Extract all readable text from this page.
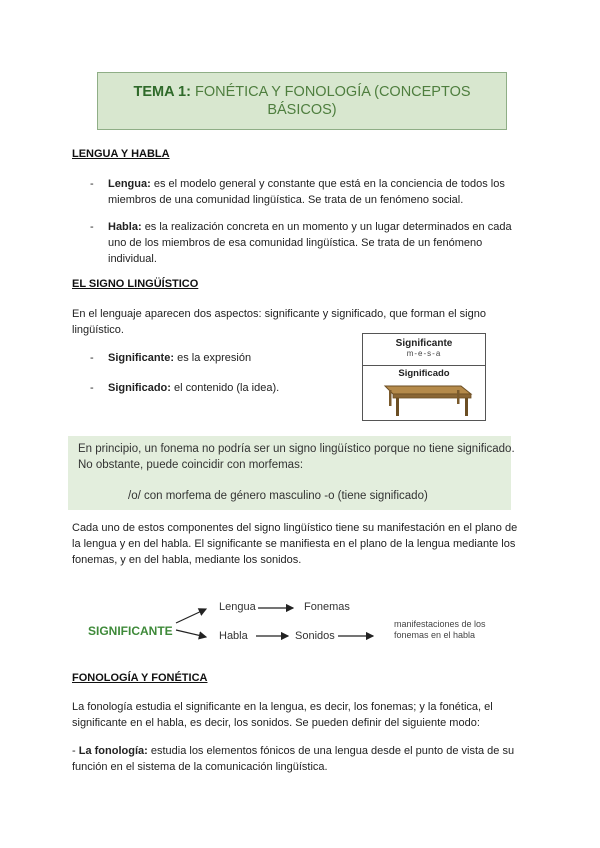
TEMA 1: FONÉTICA Y FONOLOGÍA (CONCEPTOS
BÁSICOS)
LENGUA Y HABLA
- Lengua: es el modelo general y constante que está en la conciencia de todos los
miembros de una comunidad lingüística. Se trata de un fenómeno social.
- Habla: es la realización concreta en un momento y un lugar determinados en cada
uno de los miembros de esa comunidad lingüística. Se trata de un fenómeno
individual.
EL SIGNO LINGÜÍSTICO
En el lenguaje aparecen dos aspectos: significante y significado, que forman el signo
lingüístico.
- Significante: es la expresión
- Significado: el contenido (la idea).
Significante
m-e-s-a
Significado
En principio, un fonema no podría ser un signo lingüístico porque no tiene significado.
No obstante, puede coincidir con morfemas:
/o/ con morfema de género masculino -o (tiene significado)
Cada uno de estos componentes del signo lingüístico tiene su manifestación en el plano de
la lengua y en del habla. El significante se manifiesta en el plano de la lengua mediante los
fonemas, y en del habla, mediante los sonidos.
SIGNIFICANTE
Lengua	Fonemas
Habla	Sonidos
manifestaciones de los
fonemas en el habla
FONOLOGÍA Y FONÉTICA
La fonología estudia el significante en la lengua, es decir, los fonemas; y la fonética, el
significante en el habla, es decir, los sonidos. Se pueden definir del siguiente modo:
- La fonología: estudia los elementos fónicos de una lengua desde el punto de vista de su
función en el sistema de la comunicación lingüística.
